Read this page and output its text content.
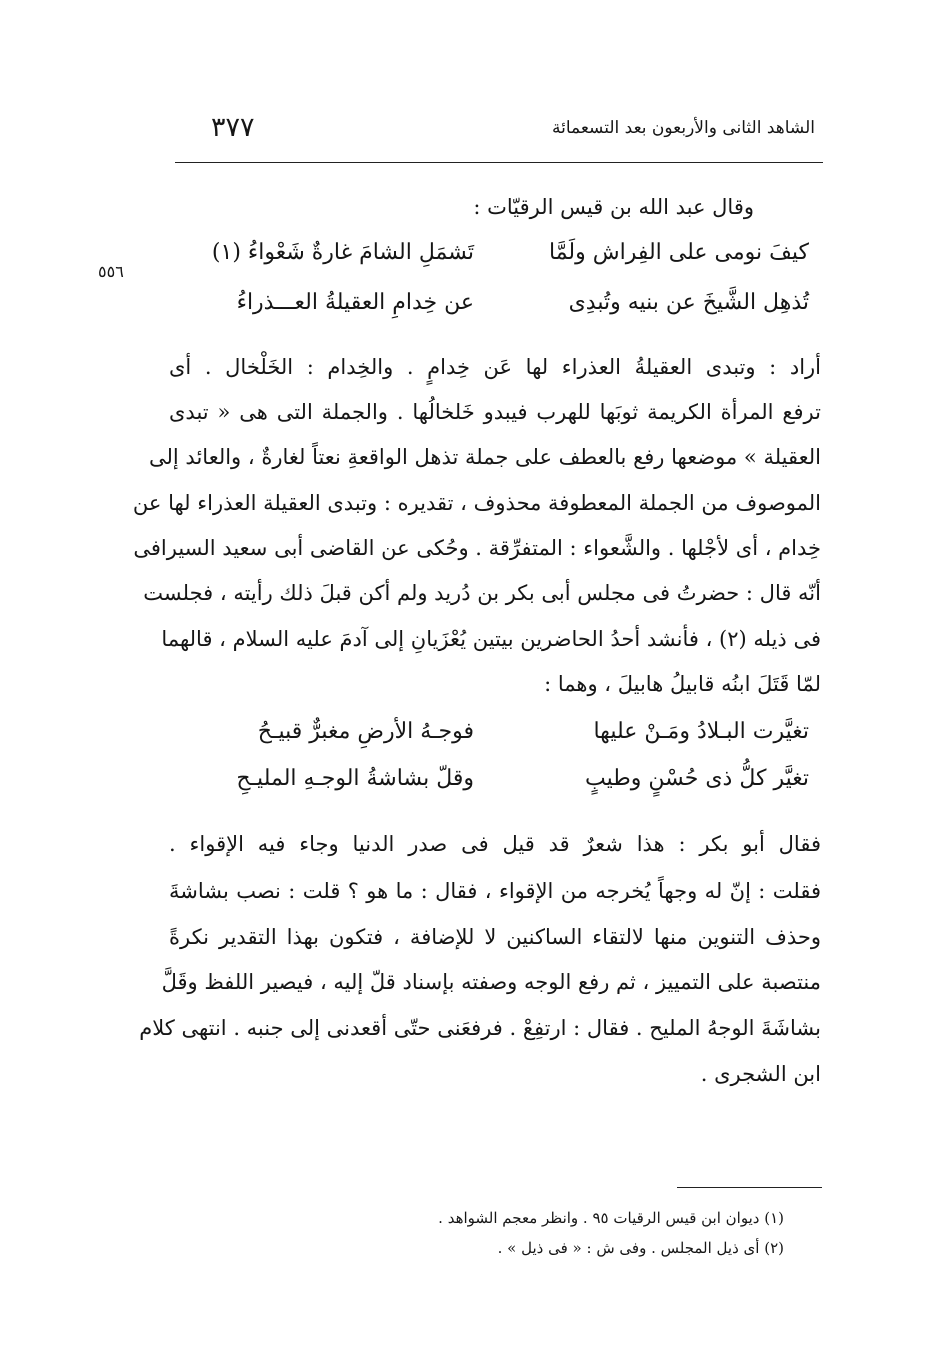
الشاهد الثانى والأربعون بعد التسعمائة
٣٧٧
٥٥٦
وقال عبد الله بن قيس الرقيّات :
كيفَ نومى على الفِراش ولَمَّا
تَشمَلِ الشامَ غارةٌ شَعْواءُ (١)
تُذهِل الشَّيخَ عن بنيه وتُبدِى
عن خِدامِ العقيلةُ العـــذراءُ
أراد : وتبدى العقيلةُ العذراء لها عَن خِدامٍ . والخِدام : الخَلْخال . أى
ترفع المرأة الكريمة ثوبَها للهرب فيبدو خَلخالُها . والجملة التى هى « تبدى
العقيلة » موضعها رفع بالعطف على جملة تذهل الواقعةِ نعتاً لغارةٌ ، والعائد إلى
الموصوف من الجملة المعطوفة محذوف ، تقديره : وتبدى العقيلة العذراء لها عن
خِدام ، أى لأجْلها . والشَّعواء : المتفرِّقة . وحُكى عن القاضى أبى سعيد السيرافى
أنّه قال : حضرتُ فى مجلس أبى بكر بن دُريد ولم أكن قبلَ ذلك رأيته ، فجلست
فى ذيله (٢) ، فأنشد أحدُ الحاضرين بيتين يُعْزَيانِ إلى آدمَ عليه السلام ، قالهما
لمّا قَتَلَ ابنُه قابيلُ هابيلَ ، وهما :
تغيَّرت البـلادُ ومَـنْ عليها
فوجـهُ الأرضِ مغبرٌّ قبيـحُ
تغيَّر كلُّ ذى حُسْنٍ وطيبٍ
وقلّ بشاشةُ الوجـهِ المليـحِ
فقال أبو بكر : هذا شعرٌ قد قيل فى صدر الدنيا وجاء فيه الإقواء .
فقلت : إنّ له وجهاً يُخرجه من الإقواء ، فقال : ما هو ؟ قلت : نصب بشاشةَ
وحذف التنوين منها لالتقاء الساكنين لا للإضافة ، فتكون بهذا التقدير نكرةً
منتصبة على التمييز ، ثم رفع الوجه وصفته بإسناد قلّ إليه ، فيصير اللفظ وقَلَّ
بشاشَةَ الوجهُ المليح . فقال : ارتفِعْ . فرفعَنى حتّى أقعدنى إلى جنبه . انتهى كلام
ابن الشجرى .
(١) ديوان ابن قيس الرقيات ٩٥ . وانظر معجم الشواهد .
(٢) أى ذيل المجلس . وفى ش : « فى ذيل » .
